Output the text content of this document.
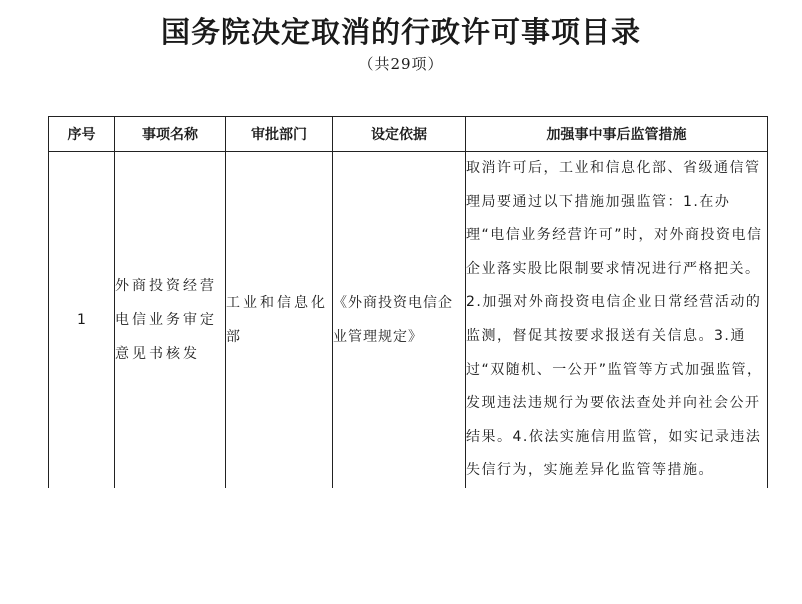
国务院决定取消的行政许可事项目录
（共29项）
序号	事项名称	审批部门	设定依据	加强事中事后监管措施
1	外商投资经营电信业务审定意见书核发	工业和信息化部	《外商投资电信企业管理规定》	取消许可后，工业和信息化部、省级通信管理局要通过以下措施加强监管：1.在办理“电信业务经营许可”时，对外商投资电信企业落实股比限制要求情况进行严格把关。2.加强对外商投资电信企业日常经营活动的监测，督促其按要求报送有关信息。3.通过“双随机、一公开”监管等方式加强监管，发现违法违规行为要依法查处并向社会公开结果。4.依法实施信用监管，如实记录违法失信行为，实施差异化监管等措施。
